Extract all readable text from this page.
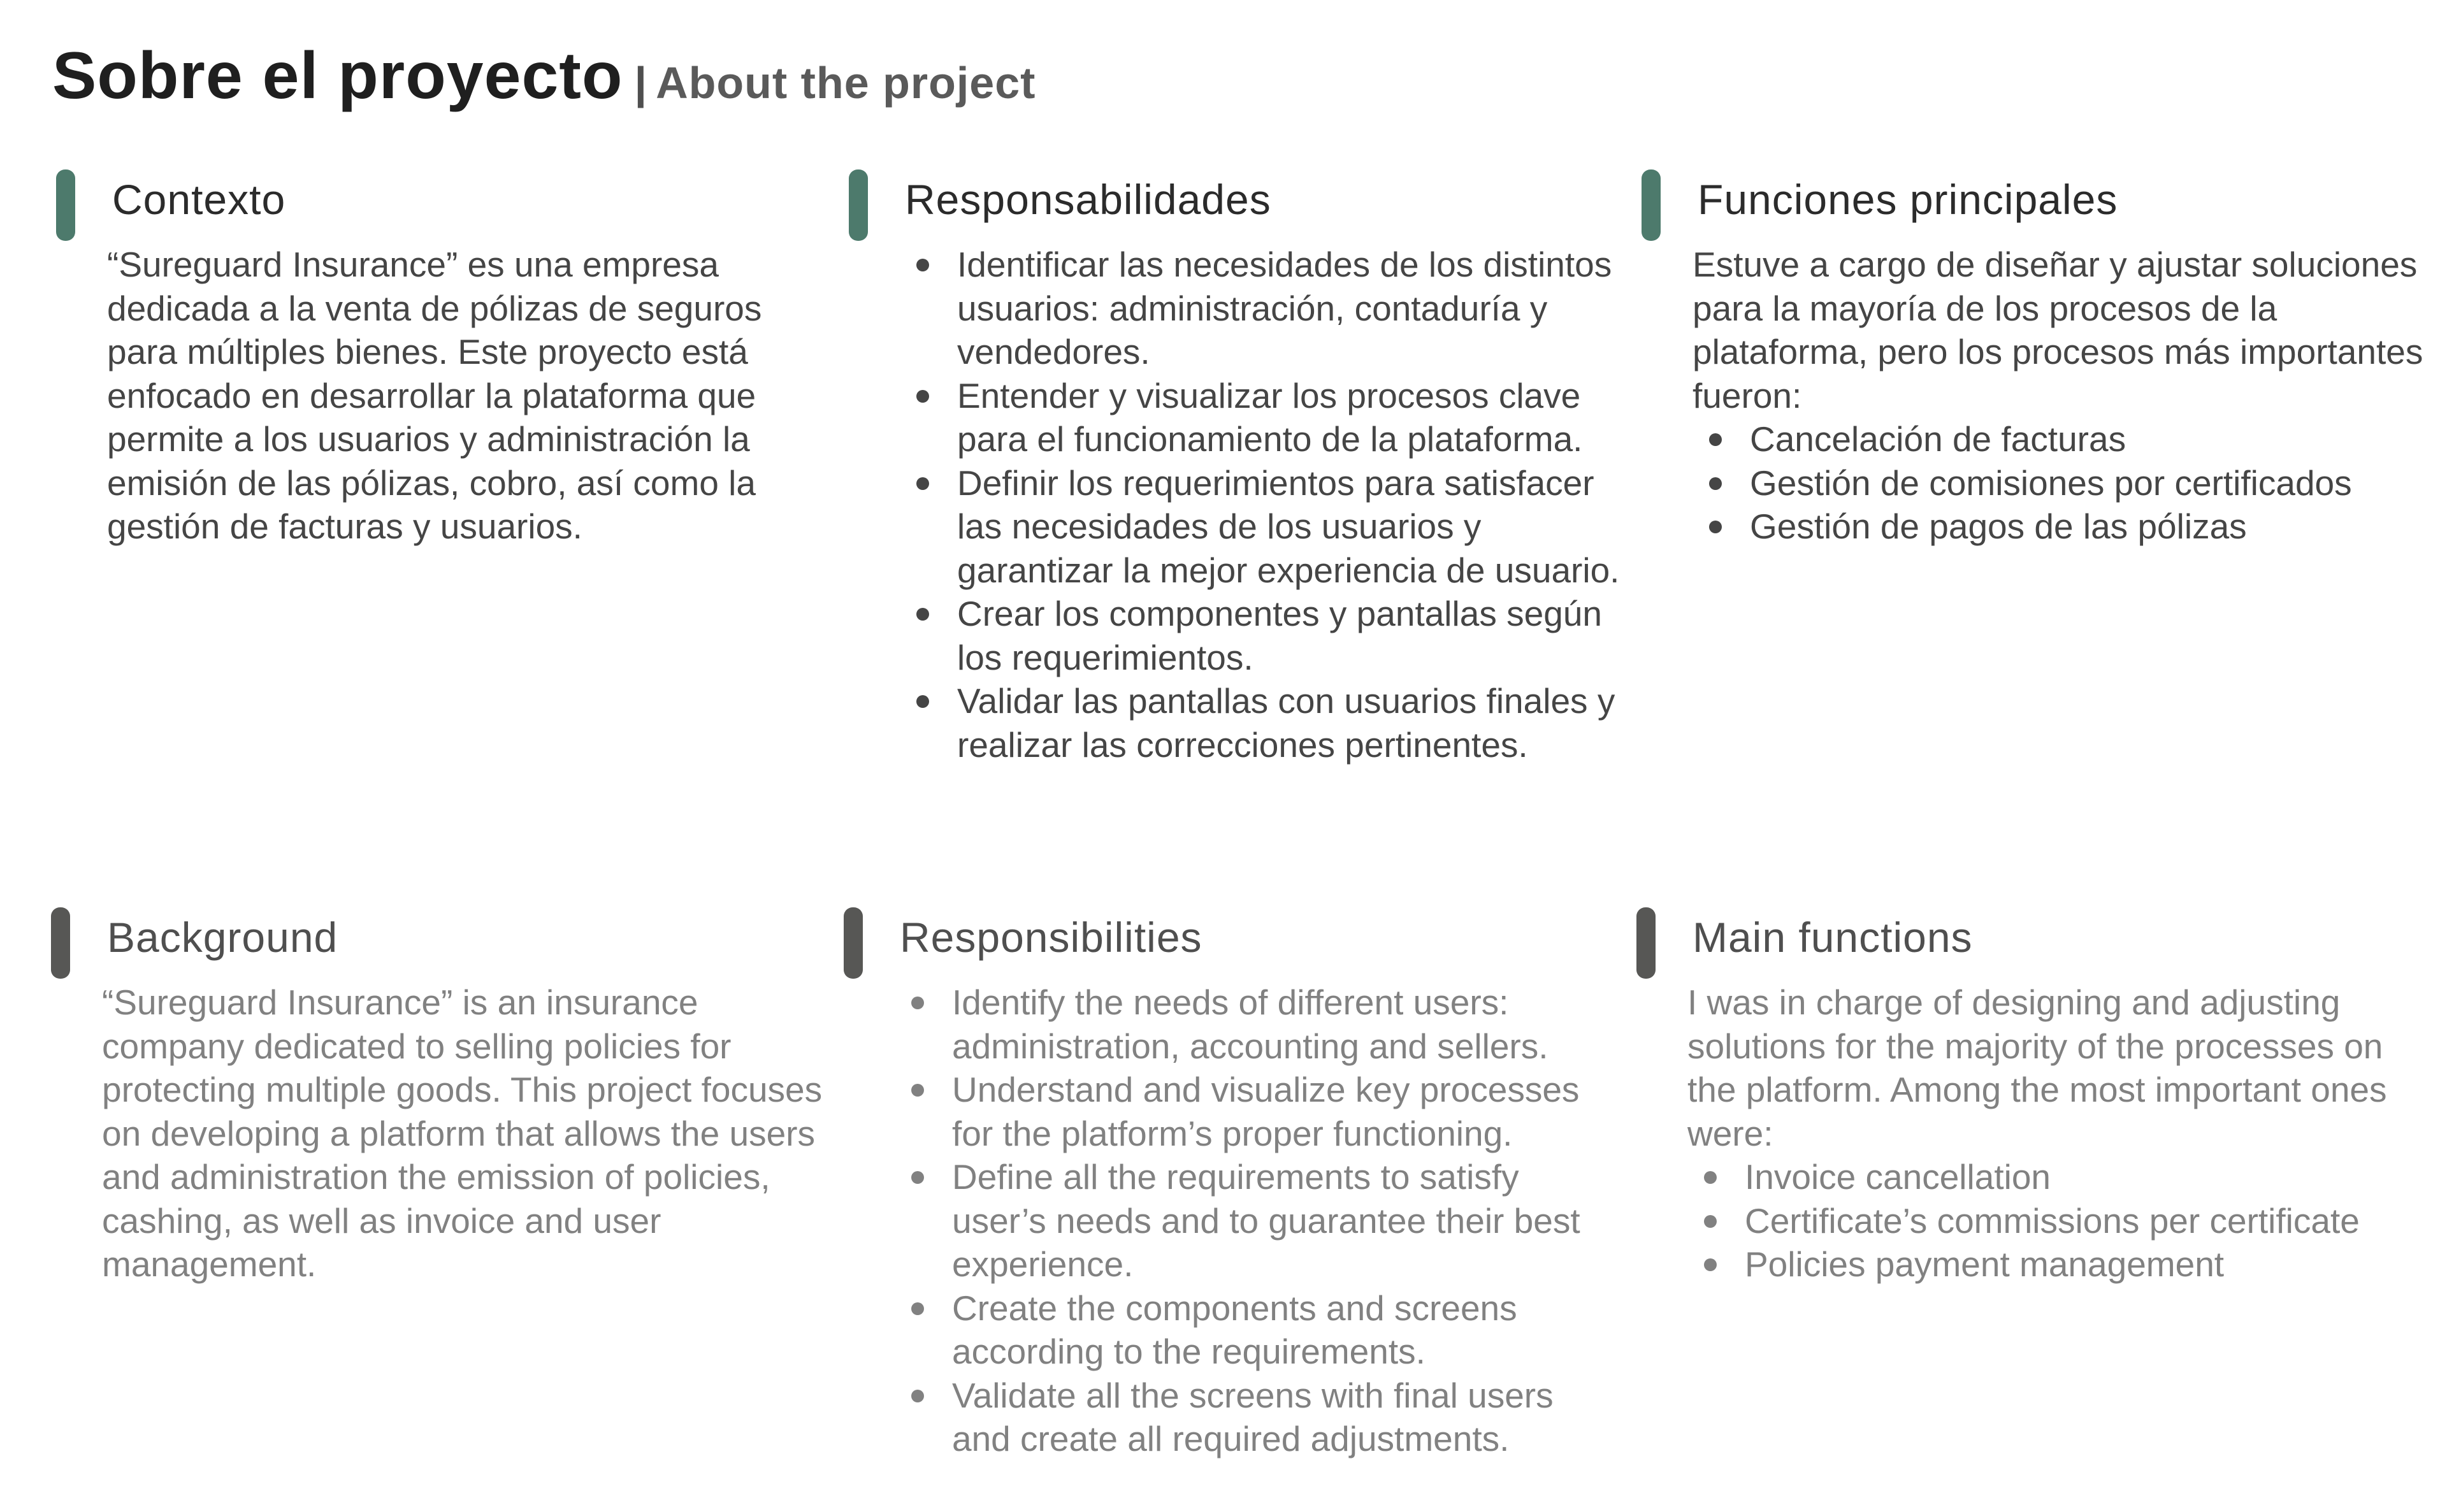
Sobre el proyecto | About the project
Contexto

“Sureguard Insurance” es una empresa dedicada a la venta de pólizas de seguros para múltiples bienes. Este proyecto está enfocado en desarrollar la plataforma que permite a los usuarios y administración la emisión de las pólizas, cobro, así como la gestión de facturas y usuarios.

Responsabilidades
Identificar las necesidades de los distintos usuarios: administración, contaduría y vendedores.
Entender y visualizar los procesos clave para el funcionamiento de la plataforma.
Definir los requerimientos para satisfacer las necesidades de los usuarios y garantizar la mejor experiencia de usuario.
Crear los componentes y pantallas según los requerimientos.
Validar las pantallas con usuarios finales y realizar las correcciones pertinentes.
Funciones principales

Estuve a cargo de diseñar y ajustar soluciones para la mayoría de los procesos de la plataforma, pero los procesos más importantes fueron:

Cancelación de facturas
Gestión de comisiones por certificados
Gestión de pagos de las pólizas
Background

“Sureguard Insurance” is an insurance company dedicated to selling policies for protecting multiple goods. This project focuses on developing a platform that allows the users and administration the emission of policies, cashing, as well as invoice and user management.

Responsibilities
Identify the needs of different users: administration, accounting and sellers.
Understand and visualize key processes for the platform’s proper functioning.
Define all the requirements to satisfy user’s needs and to guarantee their best experience.
Create the components and screens according to the requirements.
Validate all the screens with final users and create all required adjustments.
Main functions

I was in charge of designing and adjusting solutions for the majority of the processes on the platform. Among the most important ones were:

Invoice cancellation
Certificate’s commissions per certificate
Policies payment management
